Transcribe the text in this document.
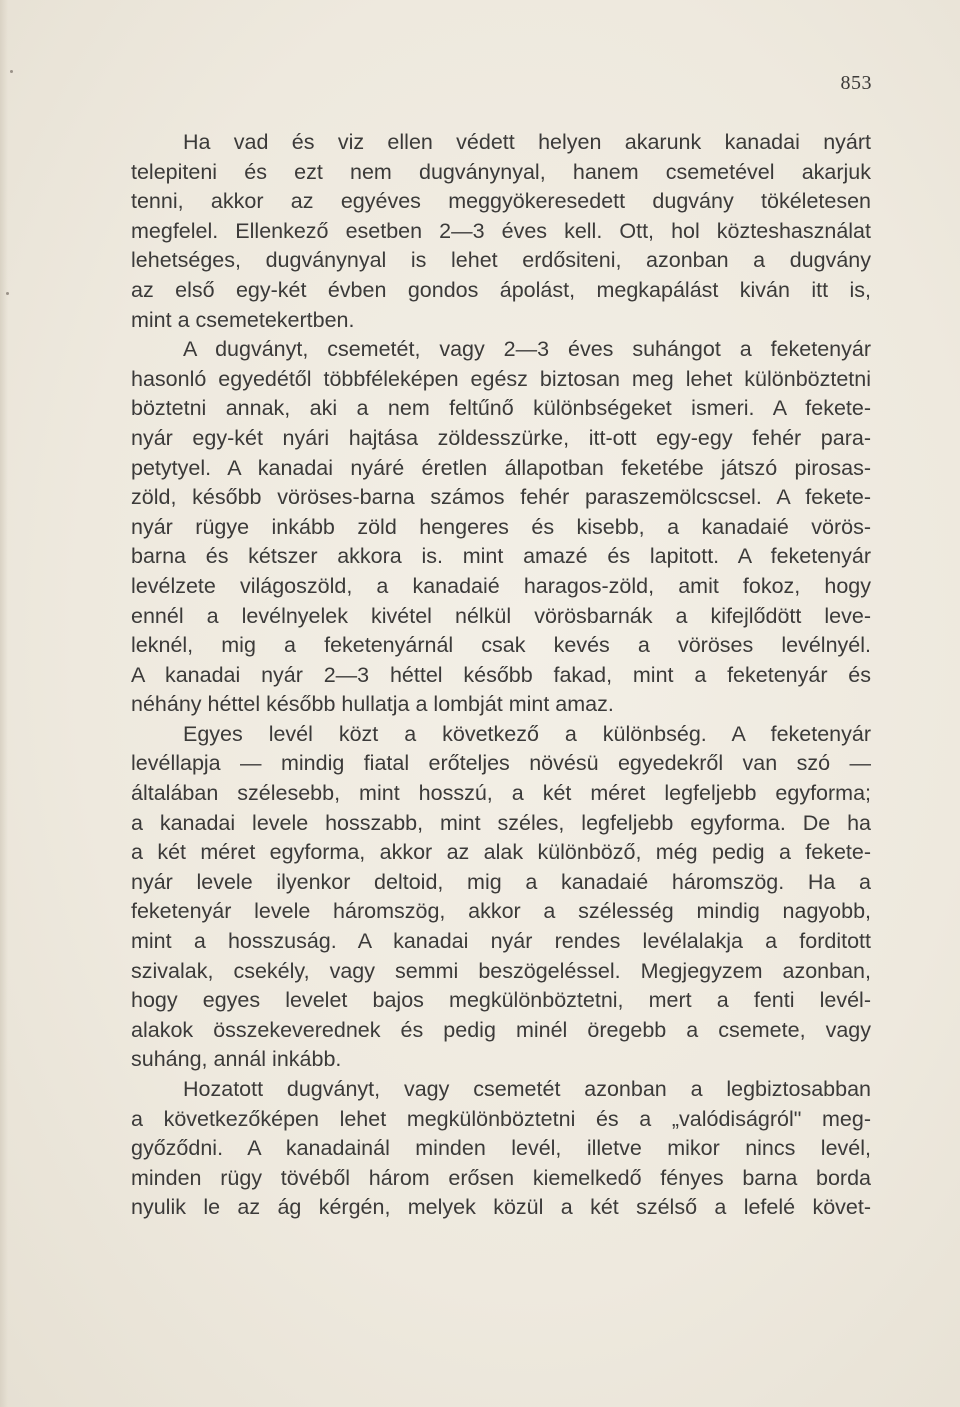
853
Ha vad és viz ellen védett helyen akarunk kanadai nyárt
telepiteni és ezt nem dugványnyal, hanem csemetével akarjuk
tenni, akkor az egyéves meggyökeresedett dugvány tökéletesen
megfelel. Ellenkező esetben 2—3 éves kell. Ott, hol közteshasználat
lehetséges, dugványnyal is lehet erdősiteni, azonban a dugvány
az első egy-két évben gondos ápolást, megkapálást kiván itt is,
mint a csemetekertben.
A dugványt, csemetét, vagy 2—3 éves suhángot a feketenyár
hasonló egyedétől többféleképen egész biztosan meg lehet különböztetni
böztetni annak, aki a nem feltűnő különbségeket ismeri. A fekete-
nyár egy-két nyári hajtása zöldesszürke, itt-ott egy-egy fehér para-
petytyel. A kanadai nyáré éretlen állapotban feketébe játszó pirosas-
zöld, később vöröses-barna számos fehér paraszemölcscsel. A fekete-
nyár rügye inkább zöld hengeres és kisebb, a kanadaié vörös-
barna és kétszer akkora is. mint amazé és lapitott. A feketenyár
levélzete világoszöld, a kanadaié haragos-zöld, amit fokoz, hogy
ennél a levélnyelek kivétel nélkül vörösbarnák a kifejlődött leve-
leknél, mig a feketenyárnál csak kevés a vöröses levélnyél.
A kanadai nyár 2—3 héttel később fakad, mint a feketenyár és
néhány héttel később hullatja a lombját mint amaz.
Egyes levél közt a következő a különbség. A feketenyár
levéllapja — mindig fiatal erőteljes növésü egyedekről van szó —
általában szélesebb, mint hosszú, a két méret legfeljebb egyforma;
a kanadai levele hosszabb, mint széles, legfeljebb egyforma. De ha
a két méret egyforma, akkor az alak különböző, még pedig a fekete-
nyár levele ilyenkor deltoid, mig a kanadaié háromszög. Ha a
feketenyár levele háromszög, akkor a szélesség mindig nagyobb,
mint a hosszuság. A kanadai nyár rendes levélalakja a forditott
szivalak, csekély, vagy semmi beszögeléssel. Megjegyzem azonban,
hogy egyes levelet bajos megkülönböztetni, mert a fenti levél-
alakok összekeverednek és pedig minél öregebb a csemete, vagy
suháng, annál inkább.
Hozatott dugványt, vagy csemetét azonban a legbiztosabban
a következőképen lehet megkülönböztetni és a „valódiságról" meg-
győződni. A kanadainál minden levél, illetve mikor nincs levél,
minden rügy tövéből három erősen kiemelkedő fényes barna borda
nyulik le az ág kérgén, melyek közül a két szélső a lefelé követ-
